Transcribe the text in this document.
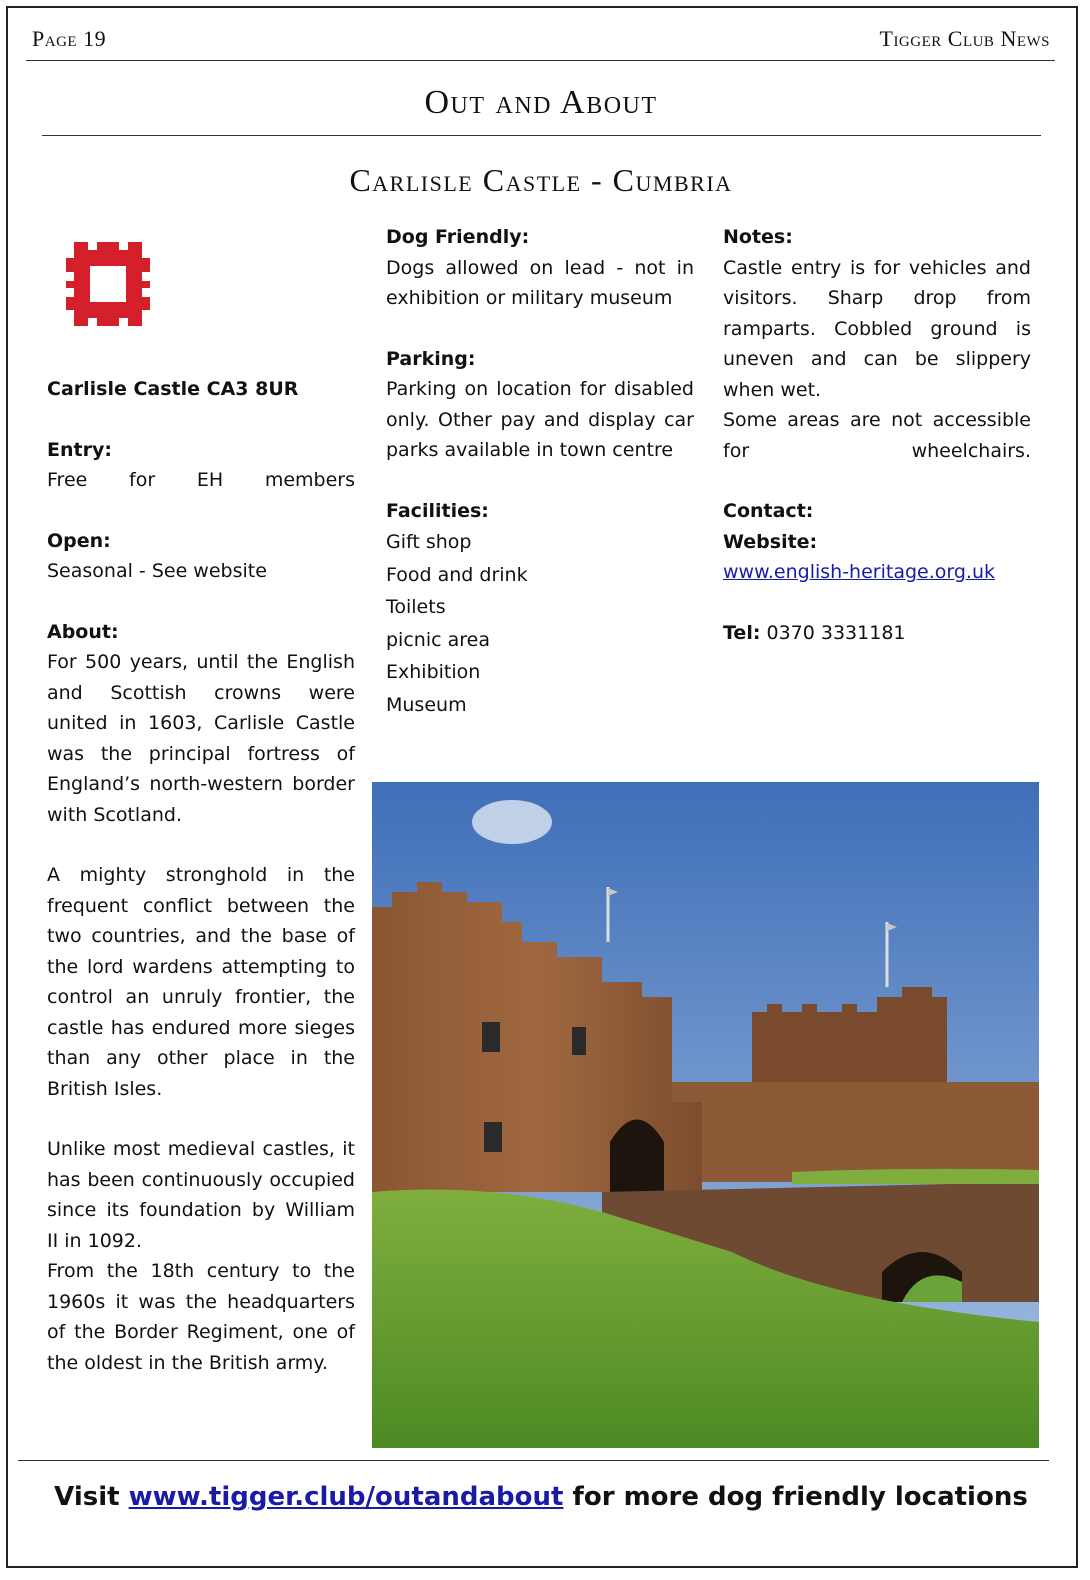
Page 19	Tigger Club News
Out and About
Carlisle Castle - Cumbria

Carlisle Castle CA3 8UR

Entry:

Free for EH members

Open:

Seasonal - See website

About:

For 500 years, until the English and Scottish crowns were united in 1603, Carlisle Castle was the principal fortress of England’s north-western border with Scotland.

A mighty stronghold in the frequent conflict between the two countries, and the base of the lord wardens attempting to control an unruly frontier, the castle has endured more sieges than any other place in the British Isles.

Unlike most medieval castles, it has been continuously occupied since its foundation by William II in 1092.

From the 18th century to the 1960s it was the headquarters of the Border Regiment, one of the oldest in the British army.

Dog Friendly:

Dogs allowed on lead - not in exhibition or military museum

Parking:

Parking on location for disabled only. Other pay and display car parks available in town centre

Facilities:

Gift shop

Food and drink

Toilets

picnic area

Exhibition

Museum

Notes:

Castle entry is for vehicles and visitors. Sharp drop from ramparts. Cobbled ground is uneven and can be slippery when wet.

Some areas are not accessible for wheelchairs.

Contact:

Website:

www.english-heritage.org.uk

Tel: 0370 3331181

Visit www.tigger.club/outandabout for more dog friendly locations
